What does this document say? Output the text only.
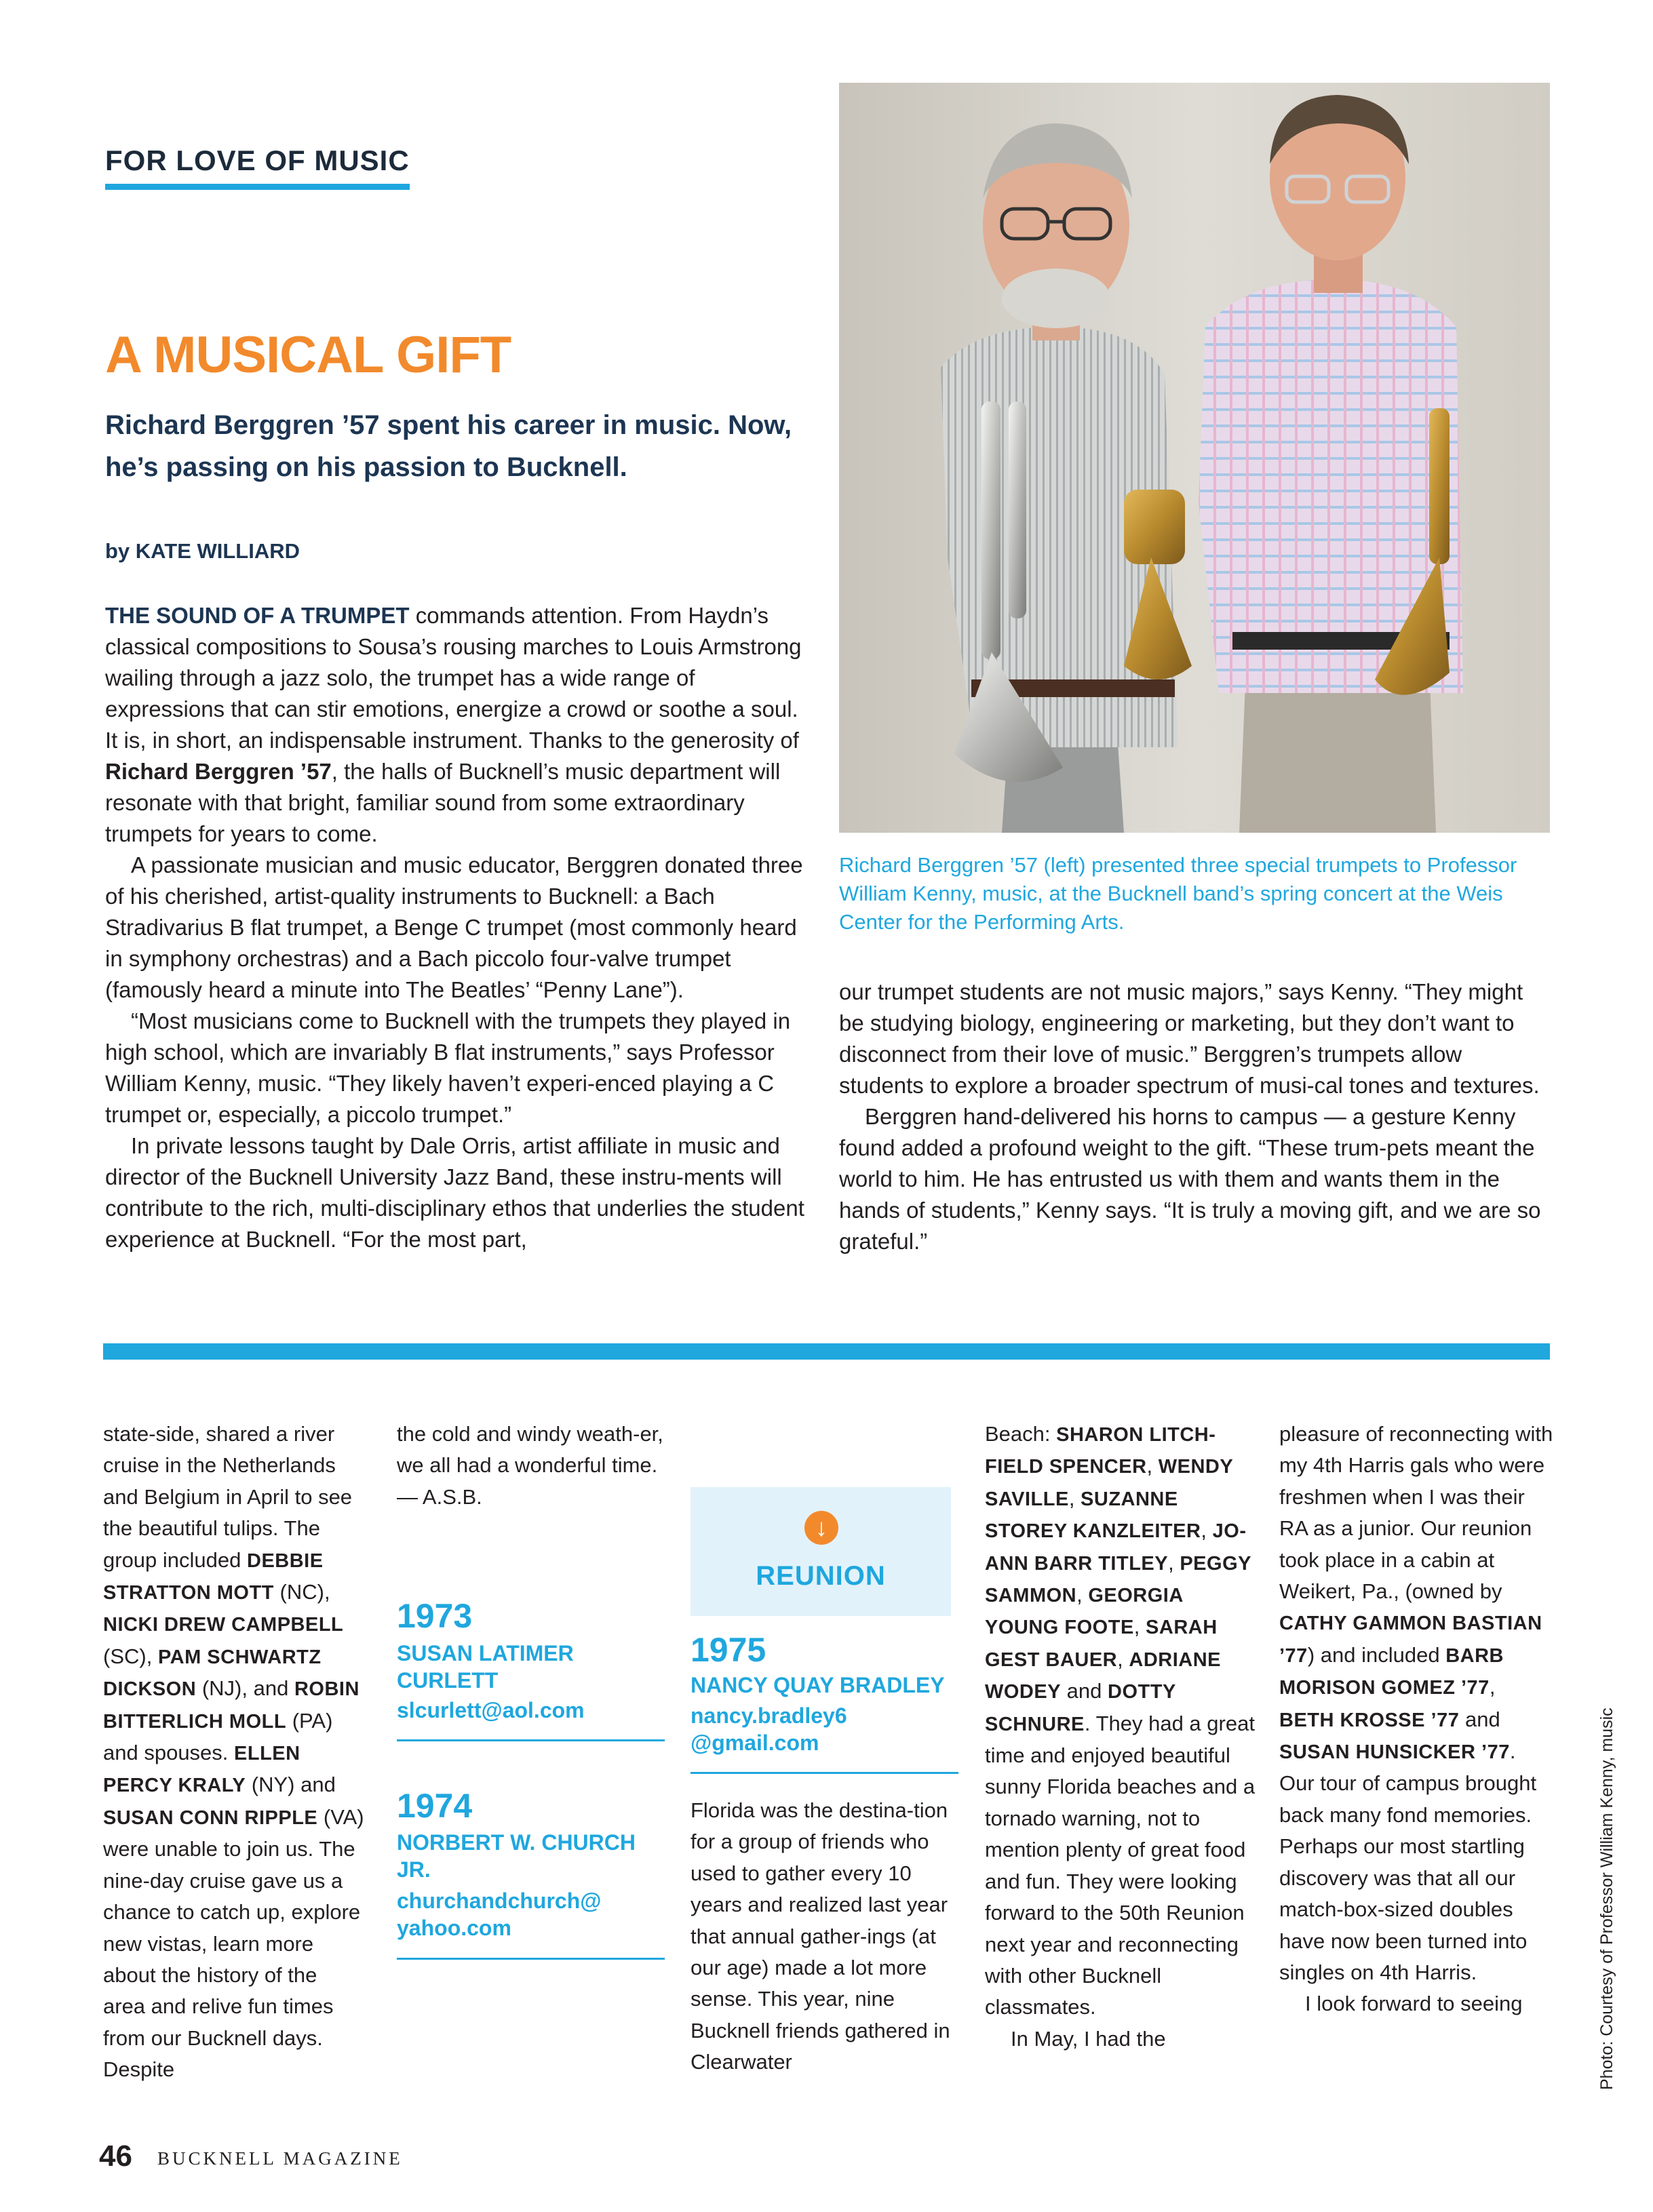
FOR LOVE OF MUSIC
A MUSICAL GIFT
Richard Berggren ’57 spent his career in music. Now, he’s passing on his passion to Bucknell.
by KATE WILLIARD

THE SOUND OF A TRUMPET commands attention. From Haydn’s classical compositions to Sousa’s rousing marches to Louis Armstrong wailing through a jazz solo, the trumpet has a wide range of expressions that can stir emotions, energize a crowd or soothe a soul. It is, in short, an indispensable instrument. Thanks to the generosity of Richard Berggren ’57, the halls of Bucknell’s music department will resonate with that bright, familiar sound from some extraordinary trumpets for years to come.

A passionate musician and music educator, Berggren donated three of his cherished, artist-quality instruments to Bucknell: a Bach Stradivarius B flat trumpet, a Benge C trumpet (most commonly heard in symphony orchestras) and a Bach piccolo four-valve trumpet (famously heard a minute into The Beatles’ “Penny Lane”).

“Most musicians come to Bucknell with the trumpets they played in high school, which are invariably B flat instruments,” says Professor William Kenny, music. “They likely haven’t experi-enced playing a C trumpet or, especially, a piccolo trumpet.”

In private lessons taught by Dale Orris, artist affiliate in music and director of the Bucknell University Jazz Band, these instru-ments will contribute to the rich, multi-disciplinary ethos that underlies the student experience at Bucknell. “For the most part,

Richard Berggren ’57 (left) presented three special trumpets to Professor William Kenny, music, at the Bucknell band’s spring concert at the Weis Center for the Performing Arts.

our trumpet students are not music majors,” says Kenny. “They might be studying biology, engineering or marketing, but they don’t want to disconnect from their love of music.” Berggren’s trumpets allow students to explore a broader spectrum of musi-cal tones and textures.

Berggren hand-delivered his horns to campus — a gesture Kenny found added a profound weight to the gift. “These trum-pets meant the world to him. He has entrusted us with them and wants them in the hands of students,” Kenny says. “It is truly a moving gift, and we are so grateful.”

state-side, shared a river cruise in the Netherlands and Belgium in April to see the beautiful tulips. The group included DEBBIE STRATTON MOTT (NC), NICKI DREW CAMPBELL (SC), PAM SCHWARTZ DICKSON (NJ), and ROBIN BITTERLICH MOLL (PA) and spouses. ELLEN PERCY KRALY (NY) and SUSAN CONN RIPPLE (VA) were unable to join us. The nine-day cruise gave us a chance to catch up, explore new vistas, learn more about the history of the area and relive fun times from our Bucknell days. Despite

the cold and windy weath-er, we all had a wonderful time.

— A.S.B.

1973
SUSAN LATIMER CURLETT
slcurlett@aol.com
1974
NORBERT W. CHURCH JR.
churchandchurch@ yahoo.com
↓
REUNION
1975
NANCY QUAY BRADLEY
nancy.bradley6 @gmail.com

Florida was the destina-tion for a group of friends who used to gather every 10 years and realized last year that annual gather-ings (at our age) made a lot more sense. This year, nine Bucknell friends gathered in Clearwater

Beach: SHARON LITCH-FIELD SPENCER, WENDY SAVILLE, SUZANNE STOREY KANZLEITER, JO-ANN BARR TITLEY, PEGGY SAMMON, GEORGIA YOUNG FOOTE, SARAH GEST BAUER, ADRIANE WODEY and DOTTY SCHNURE. They had a great time and enjoyed beautiful sunny Florida beaches and a tornado warning, not to mention plenty of great food and fun. They were looking forward to the 50th Reunion next year and reconnecting with other Bucknell classmates.

In May, I had the

pleasure of reconnecting with my 4th Harris gals who were freshmen when I was their RA as a junior. Our reunion took place in a cabin at Weikert, Pa., (owned by CATHY GAMMON BASTIAN ’77) and included BARB MORISON GOMEZ ’77, BETH KROSSE ’77 and SUSAN HUNSICKER ’77. Our tour of campus brought back many fond memories. Perhaps our most startling discovery was that all our match-box-sized doubles have now been turned into singles on 4th Harris.

I look forward to seeing	Photo: Courtesy of Professor William Kenny, music
46 BUCKNELL MAGAZINE
